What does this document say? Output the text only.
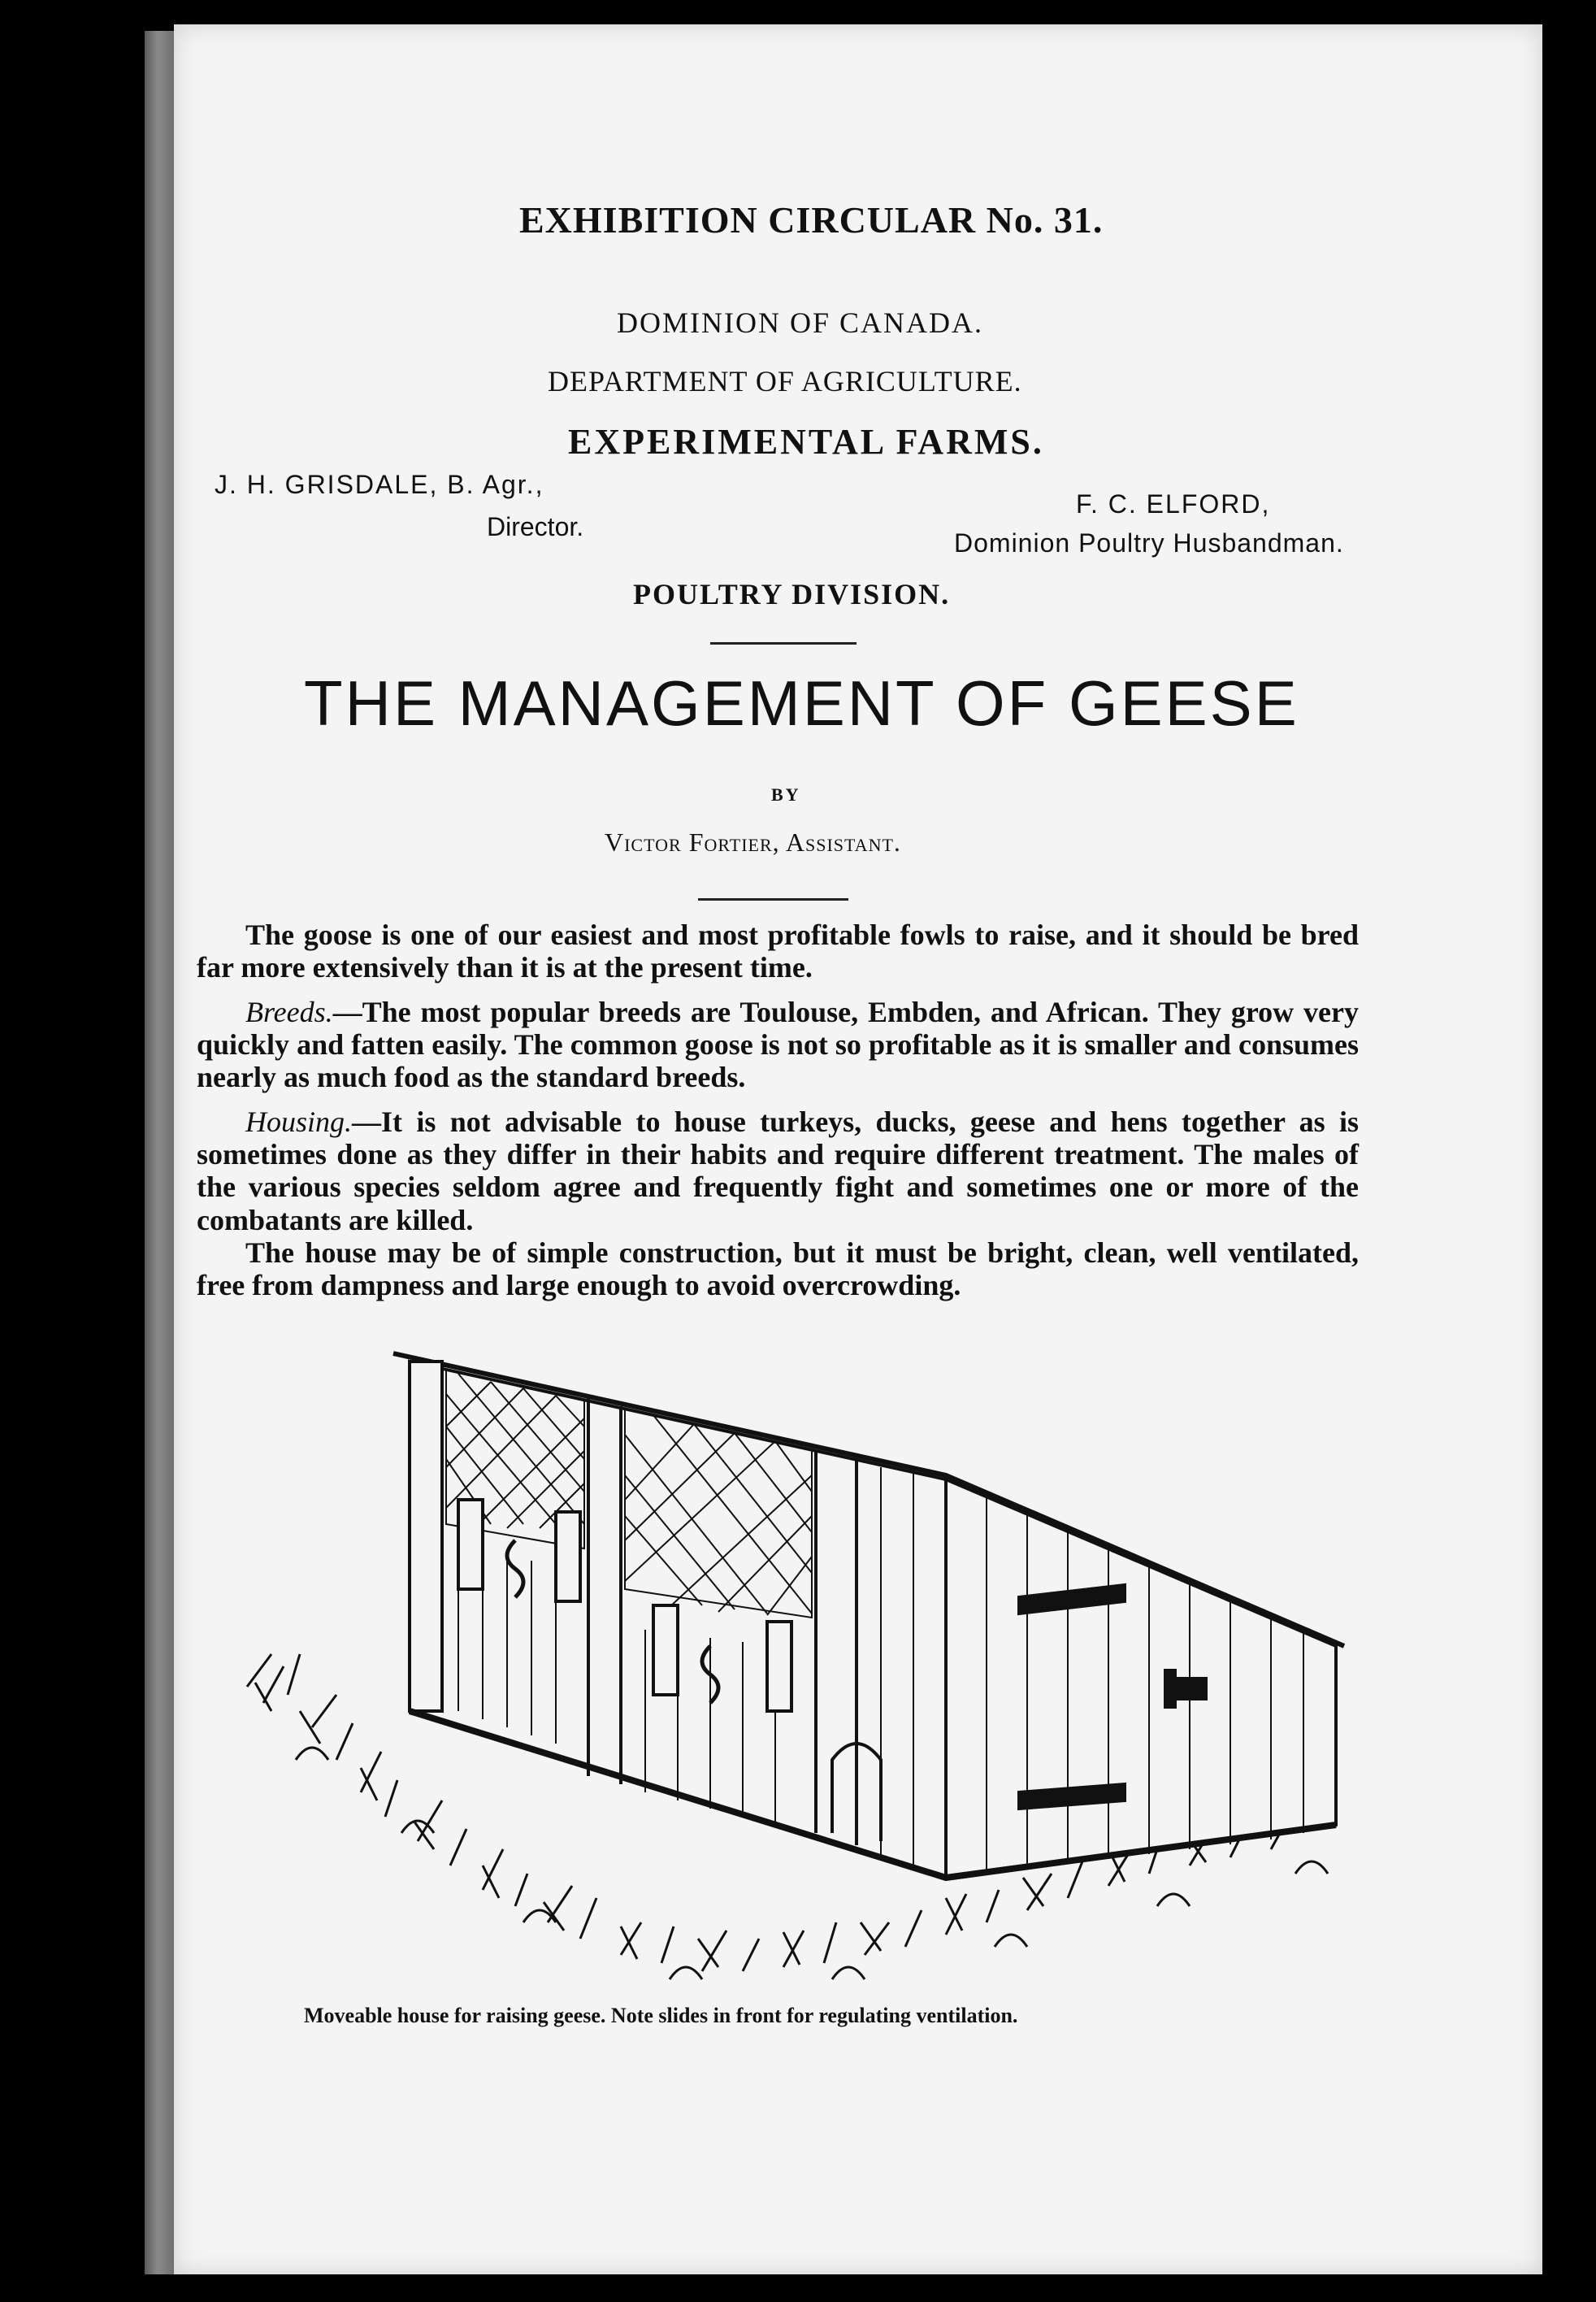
EXHIBITION CIRCULAR No. 31.
DOMINION OF CANADA.
DEPARTMENT OF AGRICULTURE.
EXPERIMENTAL FARMS.
J. H. GRISDALE, B. Agr.,
Director.
F. C. ELFORD,
Dominion Poultry Husbandman.
POULTRY DIVISION.
THE MANAGEMENT OF GEESE
BY
Victor Fortier, Assistant.

The goose is one of our easiest and most profitable fowls to raise, and it should be bred far more extensively than it is at the present time.

Breeds.—The most popular breeds are Toulouse, Embden, and African. They grow very quickly and fatten easily. The common goose is not so profitable as it is smaller and consumes nearly as much food as the standard breeds.

Housing.—It is not advisable to house turkeys, ducks, geese and hens together as is sometimes done as they differ in their habits and require different treatment. The males of the various species seldom agree and frequently fight and sometimes one or more of the combatants are killed.

The house may be of simple construction, but it must be bright, clean, well ventilated, free from dampness and large enough to avoid overcrowding.

Moveable house for raising geese. Note slides in front for regulating ventilation.
